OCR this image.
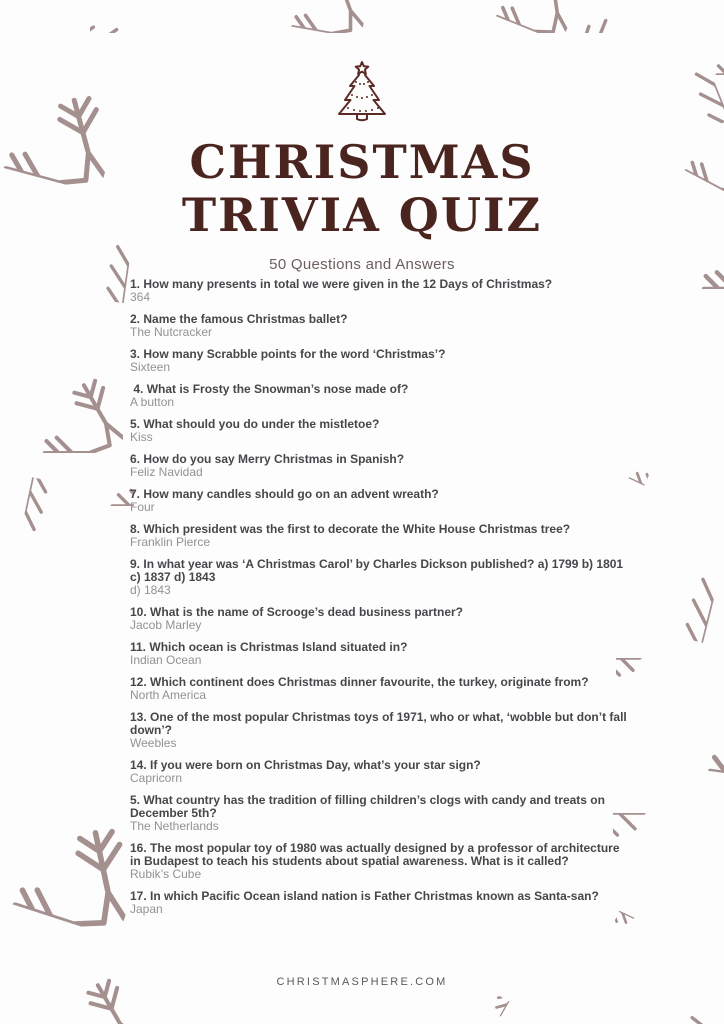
CHRISTMAS
TRIVIA QUIZ
50 Questions and Answers
1. How many presents in total we were given in the 12 Days of Christmas?
364
2. Name the famous Christmas ballet?
The Nutcracker
3. How many Scrabble points for the word ‘Christmas’?
Sixteen
4. What is Frosty the Snowman’s nose made of?
A button
5. What should you do under the mistletoe?
Kiss
6. How do you say Merry Christmas in Spanish?
Feliz Navidad
7. How many candles should go on an advent wreath?
Four
8. Which president was the first to decorate the White House Christmas tree?
Franklin Pierce
9. In what year was ‘A Christmas Carol’ by Charles Dickson published? a) 1799 b) 1801 c) 1837 d) 1843
d) 1843
10. What is the name of Scrooge’s dead business partner?
Jacob Marley
11. Which ocean is Christmas Island situated in?
Indian Ocean
12. Which continent does Christmas dinner favourite, the turkey, originate from?
North America
13. One of the most popular Christmas toys of 1971, who or what, ‘wobble but don’t fall down’?
Weebles
14. If you were born on Christmas Day, what’s your star sign?
Capricorn
5. What country has the tradition of filling children’s clogs with candy and treats on December 5th?
The Netherlands
16. The most popular toy of 1980 was actually designed by a professor of architecture in Budapest to teach his students about spatial awareness. What is it called?
Rubik’s Cube
17. In which Pacific Ocean island nation is Father Christmas known as Santa-san?
Japan
CHRISTMASPHERE.COM
